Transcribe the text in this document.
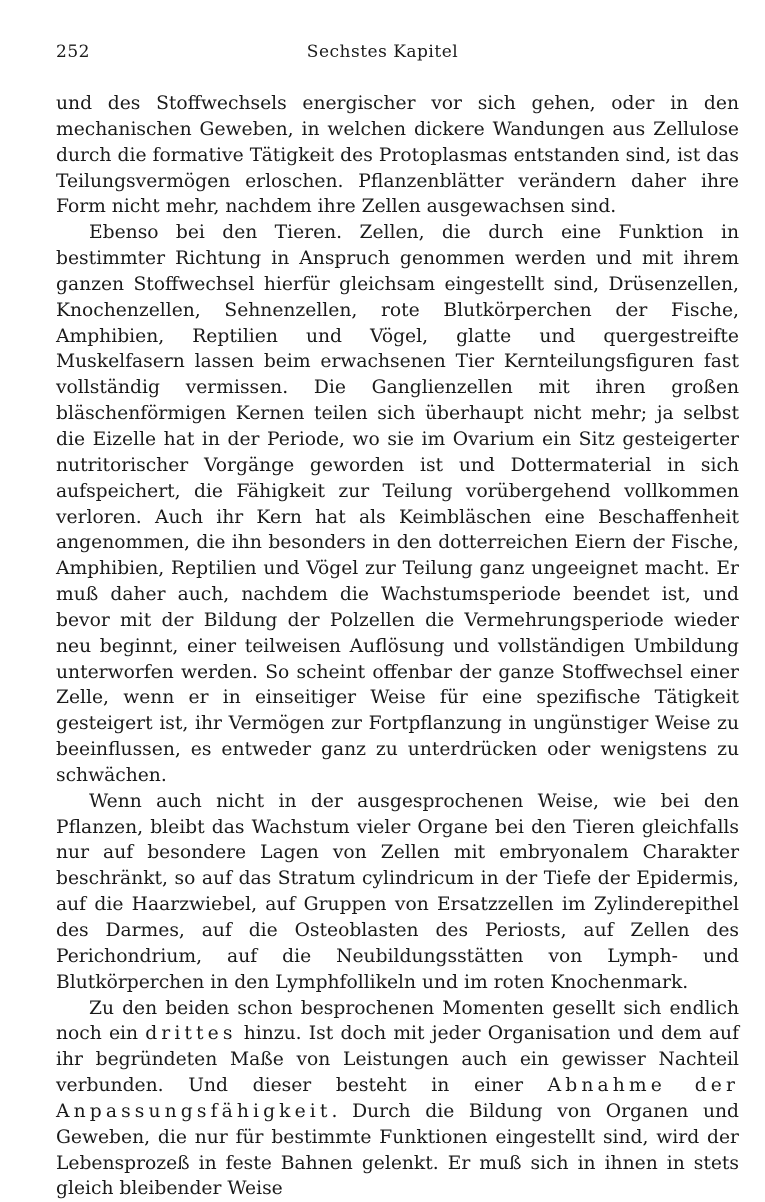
252	Sechstes Kapitel

und des Stoffwechsels energischer vor sich gehen, oder in den mechanischen Geweben, in welchen dickere Wandungen aus Zellulose durch die formative Tätigkeit des Protoplasmas entstanden sind, ist das Teilungsvermögen erloschen. Pflanzenblätter verändern daher ihre Form nicht mehr, nachdem ihre Zellen ausgewachsen sind.

Ebenso bei den Tieren. Zellen, die durch eine Funktion in bestimmter Richtung in Anspruch genommen werden und mit ihrem ganzen Stoffwechsel hierfür gleichsam eingestellt sind, Drüsenzellen, Knochenzellen, Sehnenzellen, rote Blutkörperchen der Fische, Amphibien, Reptilien und Vögel, glatte und quergestreifte Muskelfasern lassen beim erwachsenen Tier Kernteilungsfiguren fast vollständig vermissen. Die Ganglienzellen mit ihren großen bläschenförmigen Kernen teilen sich überhaupt nicht mehr; ja selbst die Eizelle hat in der Periode, wo sie im Ovarium ein Sitz gesteigerter nutritorischer Vorgänge geworden ist und Dottermaterial in sich aufspeichert, die Fähigkeit zur Teilung vorübergehend vollkommen verloren. Auch ihr Kern hat als Keimbläschen eine Beschaffenheit angenommen, die ihn besonders in den dotterreichen Eiern der Fische, Amphibien, Reptilien und Vögel zur Teilung ganz ungeeignet macht. Er muß daher auch, nachdem die Wachstumsperiode beendet ist, und bevor mit der Bildung der Polzellen die Vermehrungsperiode wieder neu beginnt, einer teilweisen Auflösung und vollständigen Umbildung unterworfen werden. So scheint offenbar der ganze Stoffwechsel einer Zelle, wenn er in einseitiger Weise für eine spezifische Tätigkeit gesteigert ist, ihr Vermögen zur Fortpflanzung in ungünstiger Weise zu beeinflussen, es entweder ganz zu unterdrücken oder wenigstens zu schwächen.

Wenn auch nicht in der ausgesprochenen Weise, wie bei den Pflanzen, bleibt das Wachstum vieler Organe bei den Tieren gleichfalls nur auf besondere Lagen von Zellen mit embryonalem Charakter beschränkt, so auf das Stratum cylindricum in der Tiefe der Epidermis, auf die Haarzwiebel, auf Gruppen von Ersatzzellen im Zylinderepithel des Darmes, auf die Osteoblasten des Periosts, auf Zellen des Perichondrium, auf die Neubildungsstätten von Lymph- und Blutkörperchen in den Lymphfollikeln und im roten Knochenmark.

Zu den beiden schon besprochenen Momenten gesellt sich endlich noch ein drittes hinzu. Ist doch mit jeder Organisation und dem auf ihr begründeten Maße von Leistungen auch ein gewisser Nachteil verbunden. Und dieser besteht in einer Abnahme der Anpassungsfähigkeit. Durch die Bildung von Organen und Geweben, die nur für bestimmte Funktionen eingestellt sind, wird der Lebensprozeß in feste Bahnen gelenkt. Er muß sich in ihnen in stets gleich bleibender Weise
